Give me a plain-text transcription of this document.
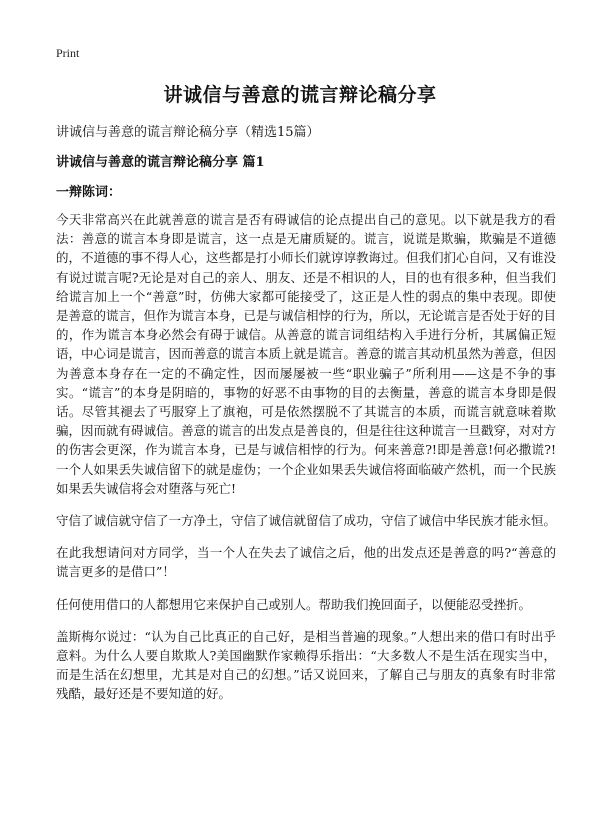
Print
讲诚信与善意的谎言辩论稿分享
讲诚信与善意的谎言辩论稿分享（精选15篇）
讲诚信与善意的谎言辩论稿分享 篇1
一辩陈词：

今天非常高兴在此就善意的谎言是否有碍诚信的论点提出自己的意见。以下就是我方的看法：善意的谎言本身即是谎言，这一点是无庸质疑的。谎言，说谎是欺骗，欺骗是不道德的，不道德的事不得人心，这些都是打小师长们就谆谆教诲过。但我们扪心自问，又有谁没有说过谎言呢?无论是对自己的亲人、朋友、还是不相识的人，目的也有很多种，但当我们给谎言加上一个“善意”时，仿佛大家都可能接受了，这正是人性的弱点的集中表现。即使是善意的谎言，但作为谎言本身，已是与诚信相悖的行为，所以，无论谎言是否处于好的目的，作为谎言本身必然会有碍于诚信。从善意的谎言词组结构入手进行分析，其属偏正短语，中心词是谎言，因而善意的谎言本质上就是谎言。善意的谎言其动机虽然为善意，但因为善意本身存在一定的不确定性，因而屡屡被一些“职业骗子”所利用——这是不争的事实。“谎言”的本身是阴暗的，事物的好恶不由事物的目的去衡量，善意的谎言本身即是假话。尽管其褪去了丐服穿上了旗袍，可是依然摆脱不了其谎言的本质，而谎言就意味着欺骗，因而就有碍诚信。善意的谎言的出发点是善良的，但是往往这种谎言一旦戳穿，对对方的伤害会更深，作为谎言本身，已是与诚信相悖的行为。何来善意?!即是善意!何必撒谎?!一个人如果丢失诚信留下的就是虚伪；一个企业如果丢失诚信将面临破产然机，而一个民族如果丢失诚信将会对堕落与死亡!

守信了诚信就守信了一方净土，守信了诚信就留信了成功，守信了诚信中华民族才能永恒。

在此我想请问对方同学，当一个人在失去了诚信之后，他的出发点还是善意的吗?“善意的谎言更多的是借口”！

任何使用借口的人都想用它来保护自己或别人。帮助我们挽回面子，以便能忍受挫折。

盖斯梅尔说过：“认为自己比真正的自己好，是相当普遍的现象。”人想出来的借口有时出乎意料。为什么人要自欺欺人?美国幽默作家赖得乐指出：“大多数人不是生活在现实当中，而是生活在幻想里，尤其是对自己的幻想。”话又说回来，了解自己与朋友的真象有时非常残酷，最好还是不要知道的好。
